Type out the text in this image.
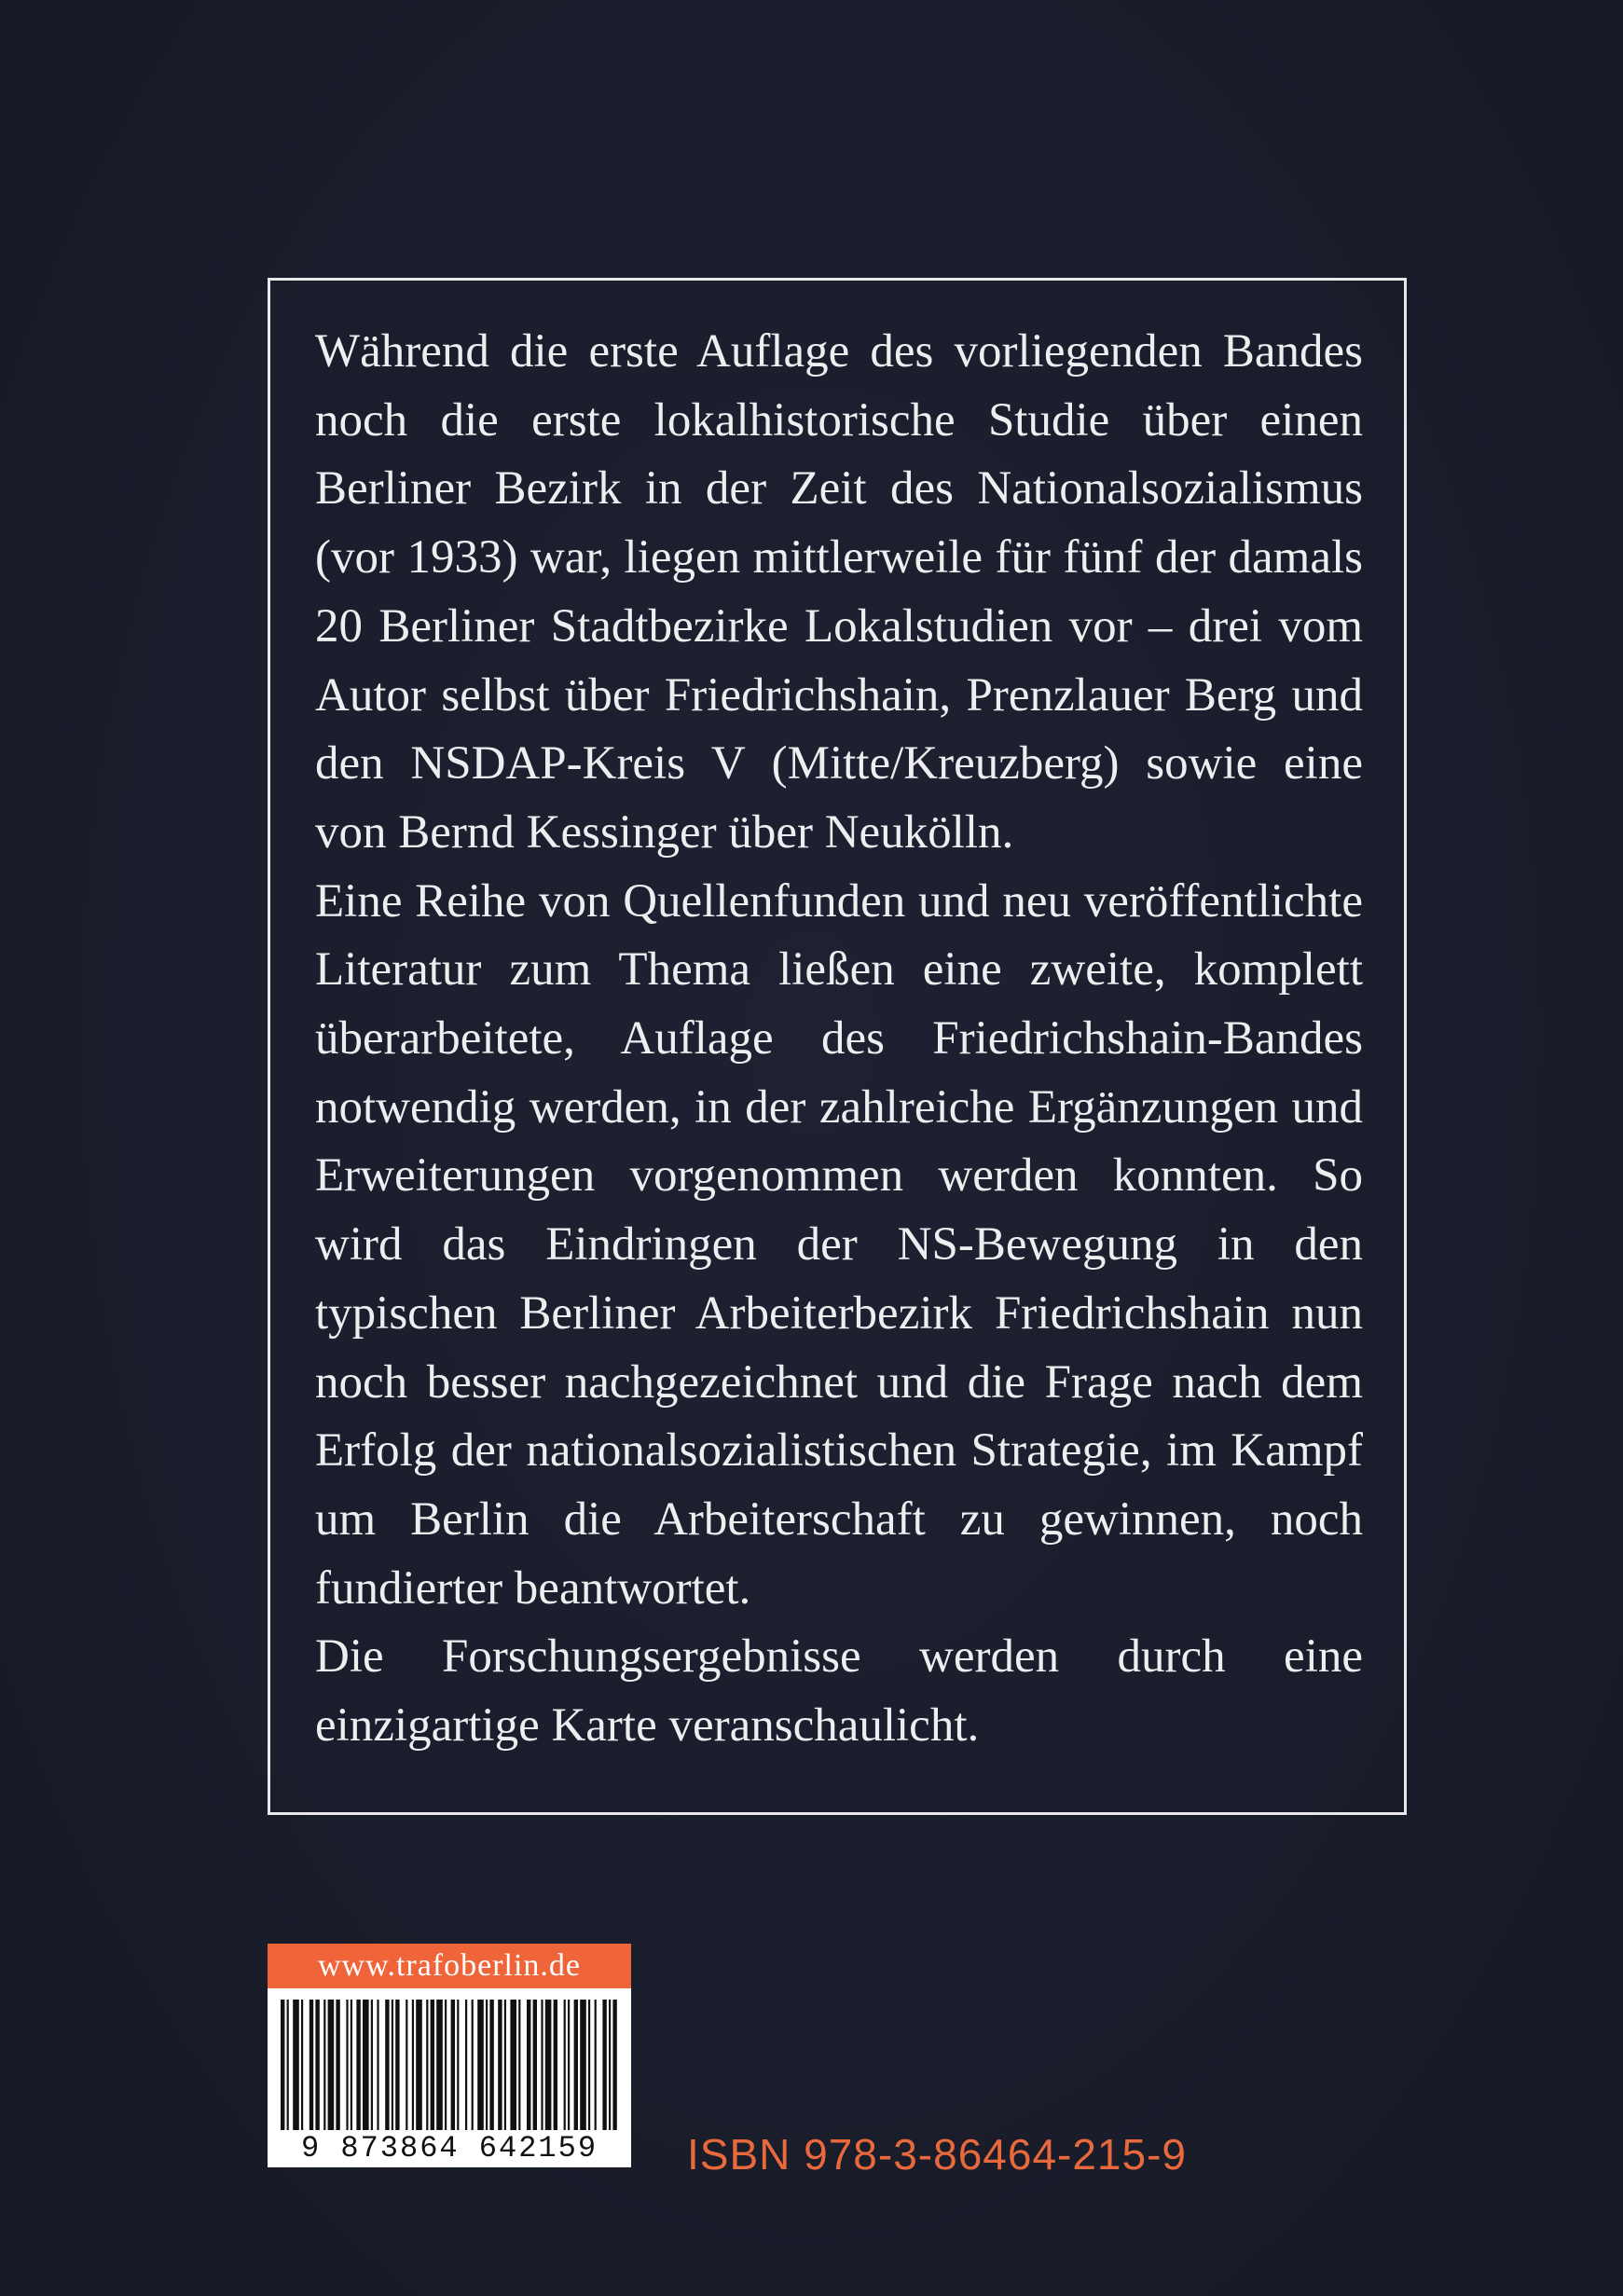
Während die erste Auflage des vorliegenden Bandes noch die erste lokalhistorische Studie über einen Berliner Bezirk in der Zeit des Nationalsozialismus (vor 1933) war, liegen mittlerweile für fünf der damals 20 Berliner Stadtbezirke Lokalstudien vor – drei vom Autor selbst über Friedrichshain, Prenzlauer Berg und den NSDAP-Kreis V (Mitte/Kreuzberg) sowie eine von Bernd Kessinger über Neukölln.

Eine Reihe von Quellenfunden und neu veröffentlichte Literatur zum Thema ließen eine zweite, komplett überarbeitete, Auflage des Friedrichshain-Bandes notwendig werden, in der zahlreiche Ergänzungen und Erweiterungen vorgenommen werden konnten. So wird das Eindringen der NS-Bewegung in den typischen Berliner Arbeiterbezirk Friedrichshain nun noch besser nachgezeichnet und die Frage nach dem Erfolg der nationalsozialistischen Strategie, im Kampf um Berlin die Arbeiterschaft zu gewinnen, noch fundierter beantwortet.

Die Forschungsergebnisse werden durch eine einzigartige Karte veranschaulicht.

www.trafoberlin.de
9 873864 642159	ISBN 978-3-86464-215-9
